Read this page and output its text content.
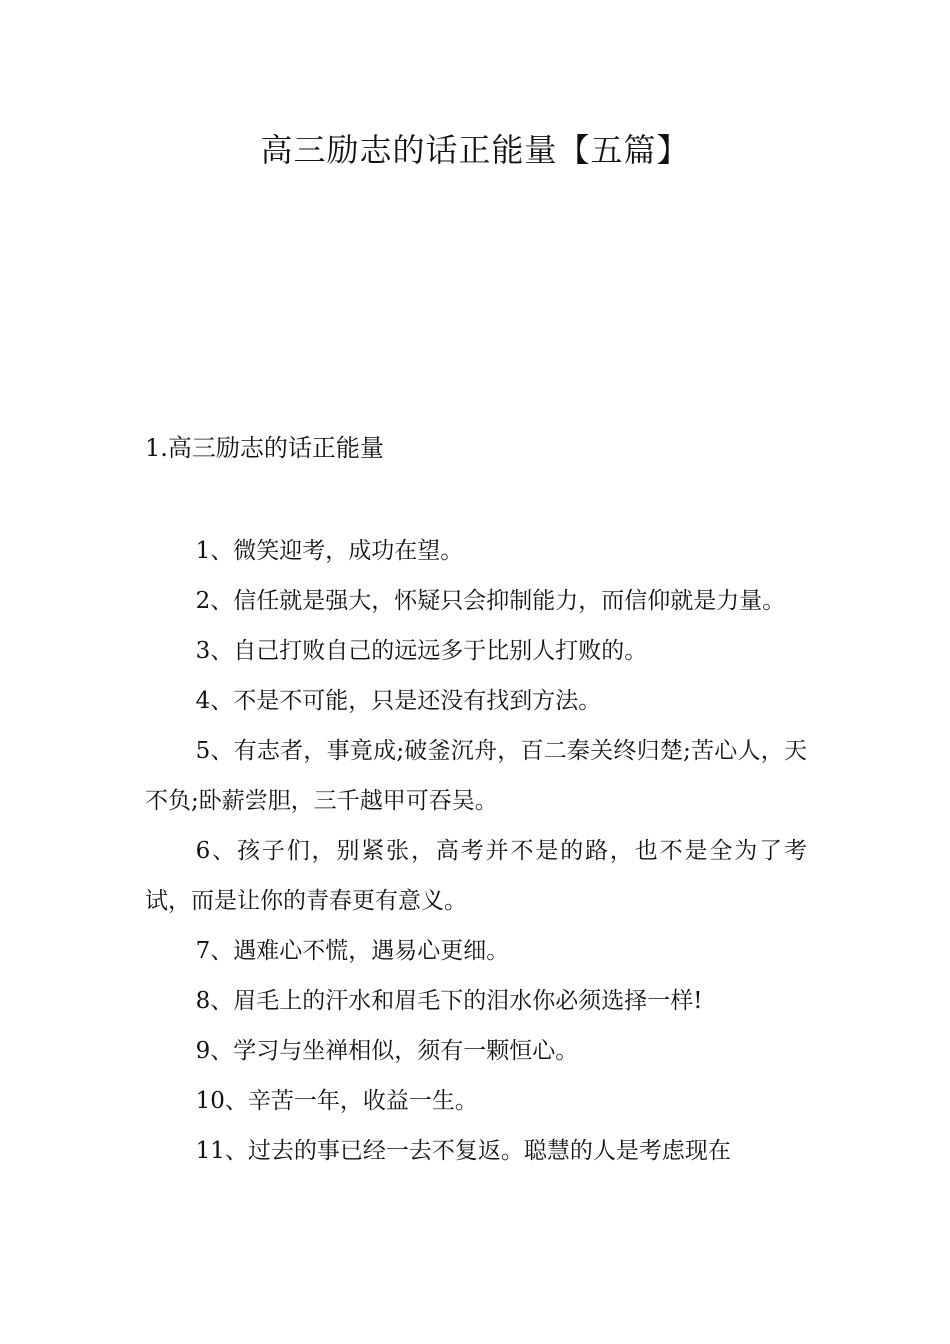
高三励志的话正能量【五篇】
1.高三励志的话正能量

1、微笑迎考，成功在望。

2、信任就是强大，怀疑只会抑制能力，而信仰就是力量。

3、自己打败自己的远远多于比别人打败的。

4、不是不可能，只是还没有找到方法。

5、有志者，事竟成;破釜沉舟，百二秦关终归楚;苦心人，天不负;卧薪尝胆，三千越甲可吞吴。

6、孩子们，别紧张，高考并不是的路，也不是全为了考试，而是让你的青春更有意义。

7、遇难心不慌，遇易心更细。

8、眉毛上的汗水和眉毛下的泪水你必须选择一样!

9、学习与坐禅相似，须有一颗恒心。

10、辛苦一年，收益一生。

11、过去的事已经一去不复返。聪慧的人是考虑现在
